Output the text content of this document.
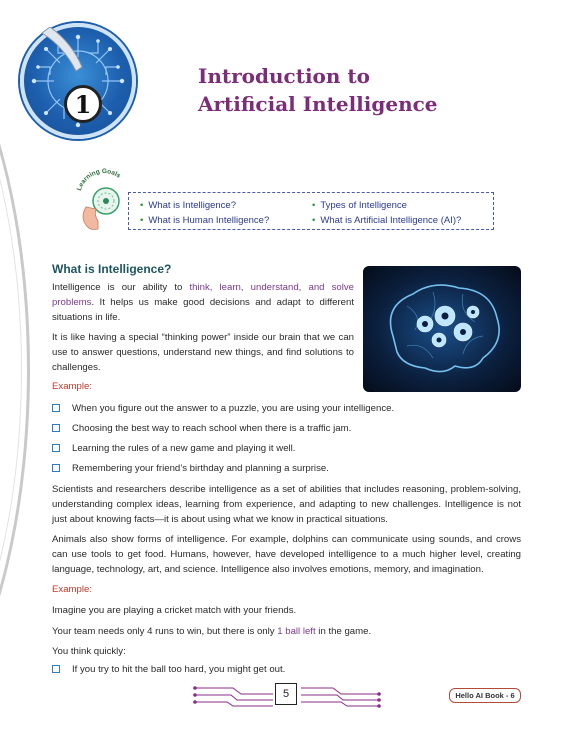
1
Introduction to
Artificial Intelligence
Learning Goals
• What is Intelligence?
• What is Human Intelligence?
• Types of Intelligence
• What is Artificial Intelligence (AI)?
What is Intelligence?
Intelligence is our ability to think, learn, understand, and solve problems. It helps us make good decisions and adapt to different situations in life.
It is like having a special “thinking power” inside our brain that we can use to answer questions, understand new things, and find solutions to challenges.
Example:
When you figure out the answer to a puzzle, you are using your intelligence.
Choosing the best way to reach school when there is a traffic jam.
Learning the rules of a new game and playing it well.
Remembering your friend’s birthday and planning a surprise.
Scientists and researchers describe intelligence as a set of abilities that includes reasoning, problem-solving, understanding complex ideas, learning from experience, and adapting to new challenges. Intelligence is not just about knowing facts—it is about using what we know in practical situations.
Animals also show forms of intelligence. For example, dolphins can communicate using sounds, and crows can use tools to get food. Humans, however, have developed intelligence to a much higher level, creating language, technology, art, and science. Intelligence also involves emotions, memory, and imagination.
Example:
Imagine you are playing a cricket match with your friends.
Your team needs only 4 runs to win, but there is only 1 ball left in the game.
You think quickly:
If you try to hit the ball too hard, you might get out.
5	Hello AI Book - 6
